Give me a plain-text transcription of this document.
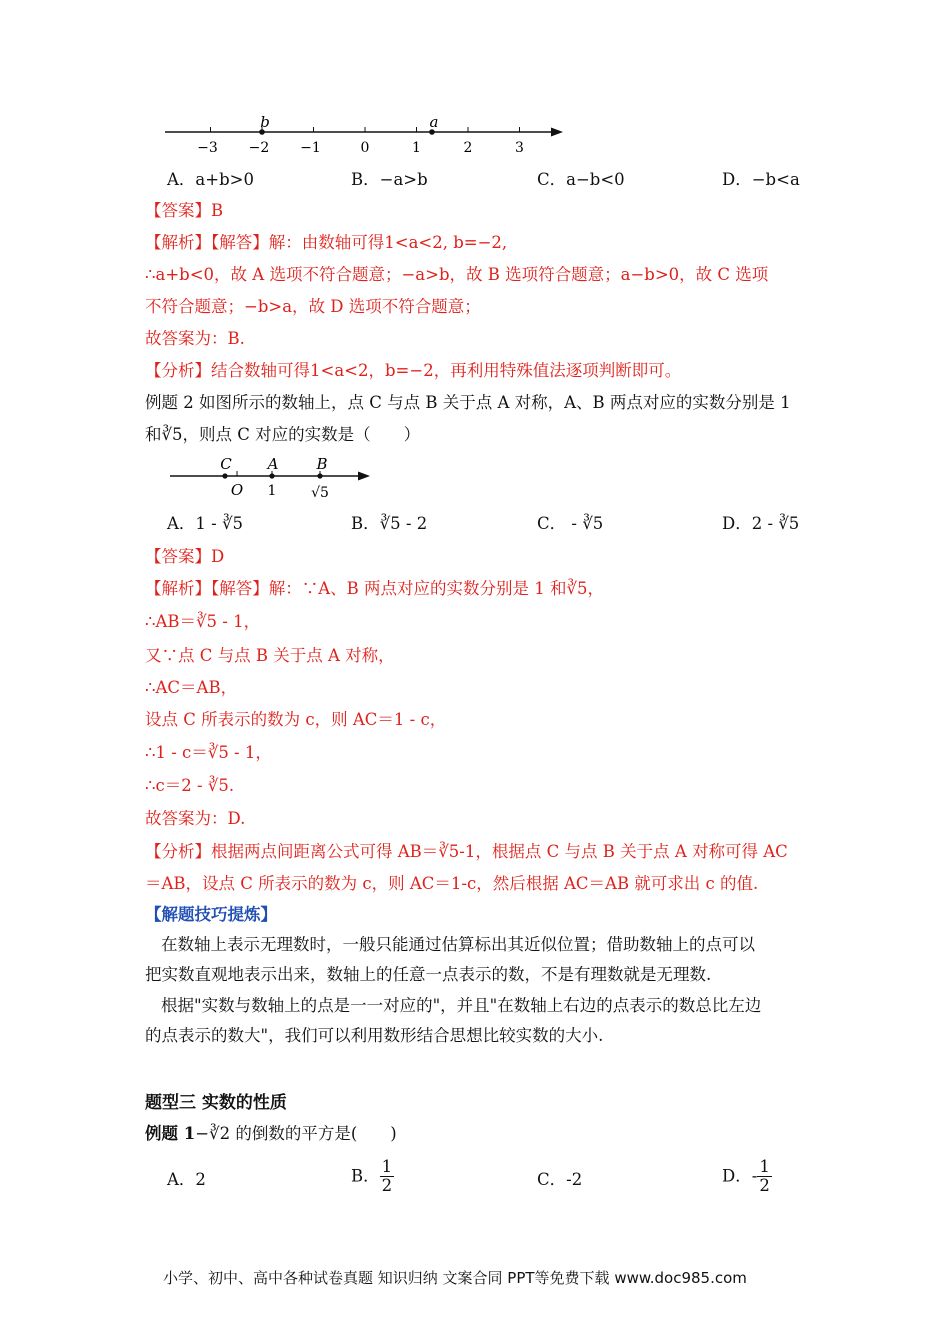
−3 −2 −1	0	1	2	3
b	a
A．a+b>0	B．−a>b	C．a−b<0	D．−b<a
【答案】B
【解析】【解答】解：由数轴可得1<a<2, b=−2,
∴a+b<0，故 A 选项不符合题意；−a>b，故 B 选项符合题意；a−b>0，故 C 选项
不符合题意；−b>a，故 D 选项不符合题意；
故答案为：B.
【分析】结合数轴可得1<a<2，b=−2，再利用特殊值法逐项判断即可。
例题 2 如图所示的数轴上，点 C 与点 B 关于点 A 对称，A、B 两点对应的实数分别是 1
和∛5，则点 C 对应的实数是（　　）
C A	B
O 1 √5
A．1 - ∛5	B．∛5 - 2	C． - ∛5	D．2 - ∛5
【答案】D
【解析】【解答】解：∵A、B 两点对应的实数分别是 1 和∛5，
∴AB＝∛5 - 1，
又∵点 C 与点 B 关于点 A 对称，
∴AC＝AB，
设点 C 所表示的数为 c，则 AC＝1 - c，
∴1 - c＝∛5 - 1，
∴c＝2 - ∛5.
故答案为：D.
【分析】根据两点间距离公式可得 AB＝∛5-1，根据点 C 与点 B 关于点 A 对称可得 AC
＝AB，设点 C 所表示的数为 c，则 AC＝1-c，然后根据 AC＝AB 就可求出 c 的值.
【解题技巧提炼】
在数轴上表示无理数时，一般只能通过估算标出其近似位置；借助数轴上的点可以
把实数直观地表示出来，数轴上的任意一点表示的数，不是有理数就是无理数.
根据"实数与数轴上的点是一一对应的"，并且"在数轴上右边的点表示的数总比左边
的点表示的数大"，我们可以利用数形结合思想比较实数的大小.
题型三 实数的性质
例题 1−∛2 的倒数的平方是(　　)
A．2	B． $\frac{1}{2}$	C．-2	D．- $\frac{1}{2}$
小学、初中、高中各种试卷真题 知识归纳 文案合同 PPT等免费下载 www.doc985.com
